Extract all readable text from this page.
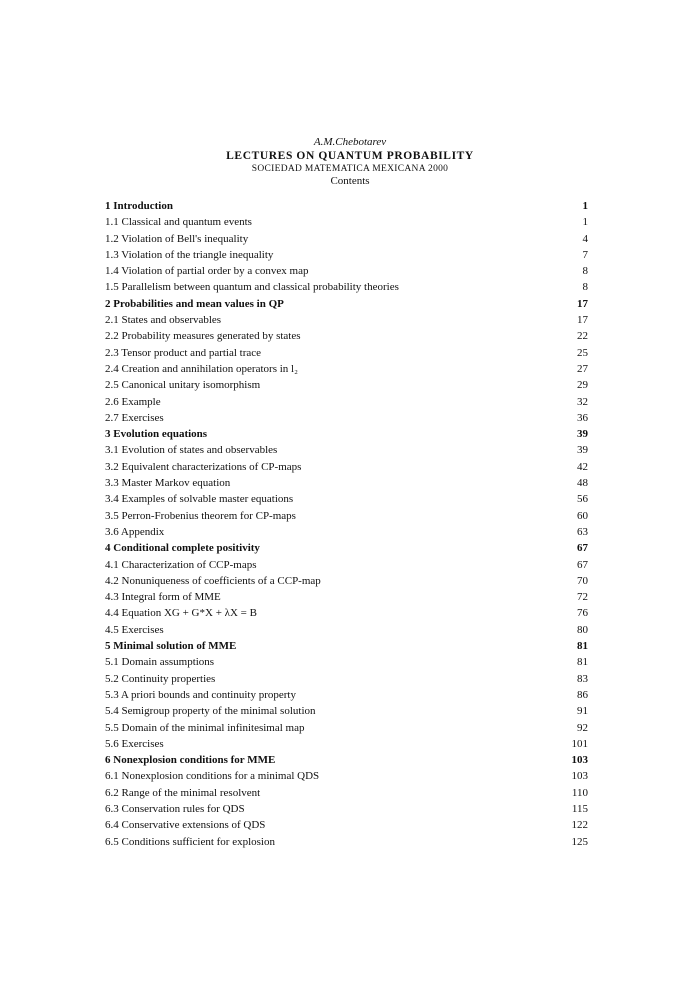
A.M.Chebotarev
LECTURES ON QUANTUM PROBABILITY
SOCIEDAD MATEMATICA MEXICANA 2000
Contents
1 Introduction	1
1.1 Classical and quantum events	1
1.2 Violation of Bell's inequality	4
1.3 Violation of the triangle inequality	7
1.4 Violation of partial order by a convex map	8
1.5 Parallelism between quantum and classical probability theories	8
2 Probabilities and mean values in QP	17
2.1 States and observables	17
2.2 Probability measures generated by states	22
2.3 Tensor product and partial trace	25
2.4 Creation and annihilation operators in l₂	27
2.5 Canonical unitary isomorphism	29
2.6 Example	32
2.7 Exercises	36
3 Evolution equations	39
3.1 Evolution of states and observables	39
3.2 Equivalent characterizations of CP-maps	42
3.3 Master Markov equation	48
3.4 Examples of solvable master equations	56
3.5 Perron-Frobenius theorem for CP-maps	60
3.6 Appendix	63
4 Conditional complete positivity	67
4.1 Characterization of CCP-maps	67
4.2 Nonuniqueness of coefficients of a CCP-map	70
4.3 Integral form of MME	72
4.4 Equation XG + G*X + λX = B	76
4.5 Exercises	80
5 Minimal solution of MME	81
5.1 Domain assumptions	81
5.2 Continuity properties	83
5.3 A priori bounds and continuity property	86
5.4 Semigroup property of the minimal solution	91
5.5 Domain of the minimal infinitesimal map	92
5.6 Exercises	101
6 Nonexplosion conditions for MME	103
6.1 Nonexplosion conditions for a minimal QDS	103
6.2 Range of the minimal resolvent	110
6.3 Conservation rules for QDS	115
6.4 Conservative extensions of QDS	122
6.5 Conditions sufficient for explosion	125
